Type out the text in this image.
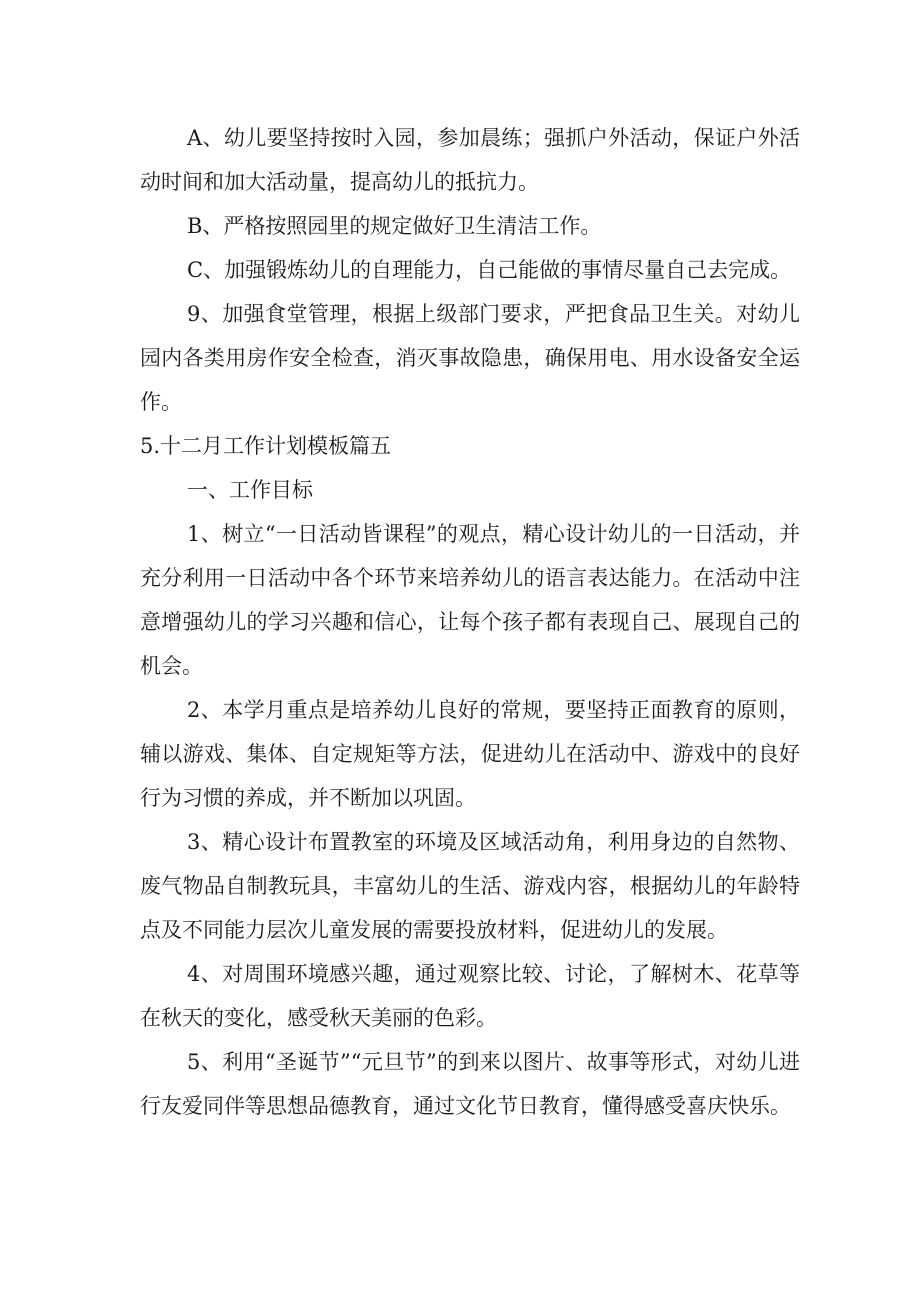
A、幼儿要坚持按时入园，参加晨练；强抓户外活动，保证户外活动时间和加大活动量，提高幼儿的抵抗力。

B、严格按照园里的规定做好卫生清洁工作。

C、加强锻炼幼儿的自理能力，自己能做的事情尽量自己去完成。

9、加强食堂管理，根据上级部门要求，严把食品卫生关。对幼儿园内各类用房作安全检查，消灭事故隐患，确保用电、用水设备安全运作。

5.十二月工作计划模板篇五

一、工作目标

1、树立“一日活动皆课程”的观点，精心设计幼儿的一日活动，并充分利用一日活动中各个环节来培养幼儿的语言表达能力。在活动中注意增强幼儿的学习兴趣和信心，让每个孩子都有表现自己、展现自己的机会。

2、本学月重点是培养幼儿良好的常规，要坚持正面教育的原则，辅以游戏、集体、自定规矩等方法，促进幼儿在活动中、游戏中的良好行为习惯的养成，并不断加以巩固。

3、精心设计布置教室的环境及区域活动角，利用身边的自然物、废气物品自制教玩具，丰富幼儿的生活、游戏内容，根据幼儿的年龄特点及不同能力层次儿童发展的需要投放材料，促进幼儿的发展。

4、对周围环境感兴趣，通过观察比较、讨论，了解树木、花草等在秋天的变化，感受秋天美丽的色彩。

5、利用“圣诞节”“元旦节”的到来以图片、故事等形式，对幼儿进行友爱同伴等思想品德教育，通过文化节日教育，懂得感受喜庆快乐。
